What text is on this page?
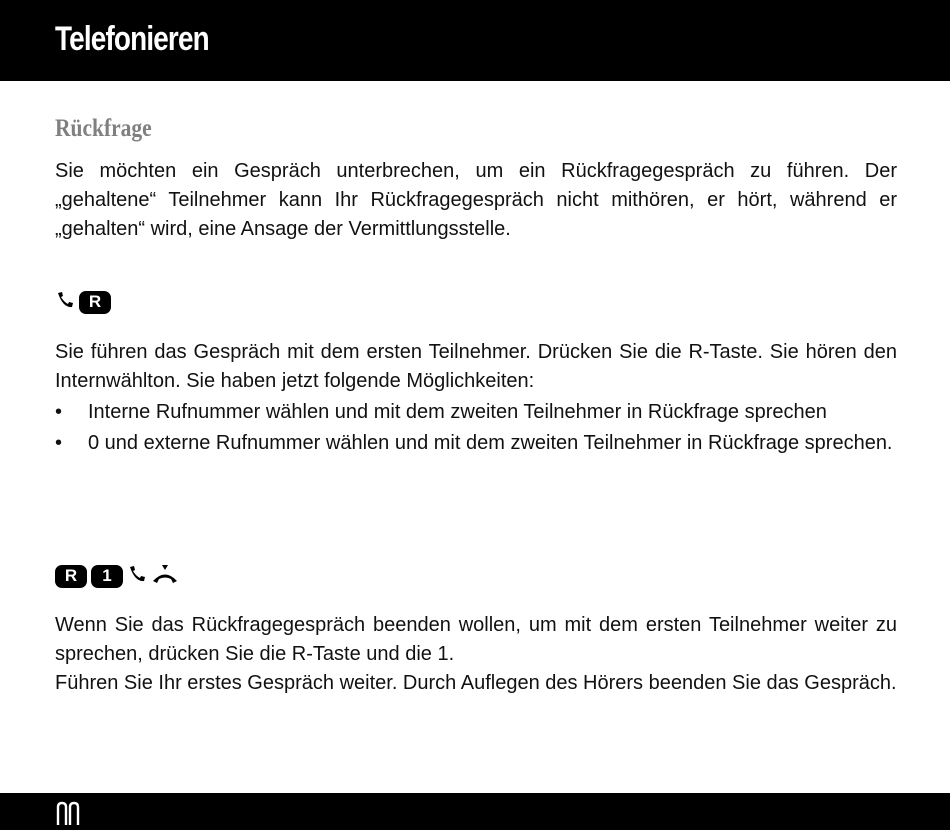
Telefonieren
Rückfrage

Sie möchten ein Gespräch unterbrechen, um ein Rückfragegespräch zu führen. Der „gehaltene“ Teilnehmer kann Ihr Rückfragegespräch nicht mithören, er hört, während er „gehalten“ wird, eine Ansage der Vermittlungsstelle.

R

Sie führen das Gespräch mit dem ersten Teilnehmer. Drücken Sie die R-Taste. Sie hören den Internwählton. Sie haben jetzt folgende Möglichkeiten:

• Interne Rufnummer wählen und mit dem zweiten Teilnehmer in Rückfrage sprechen
• 0 und externe Rufnummer wählen und mit dem zweiten Teilnehmer in Rückfrage sprechen.
R	1

Wenn Sie das Rückfragegespräch beenden wollen, um mit dem ersten Teilnehmer weiter zu sprechen, drücken Sie die R-Taste und die 1.
Führen Sie Ihr erstes Gespräch weiter. Durch Auflegen des Hörers beenden Sie das Gespräch.
